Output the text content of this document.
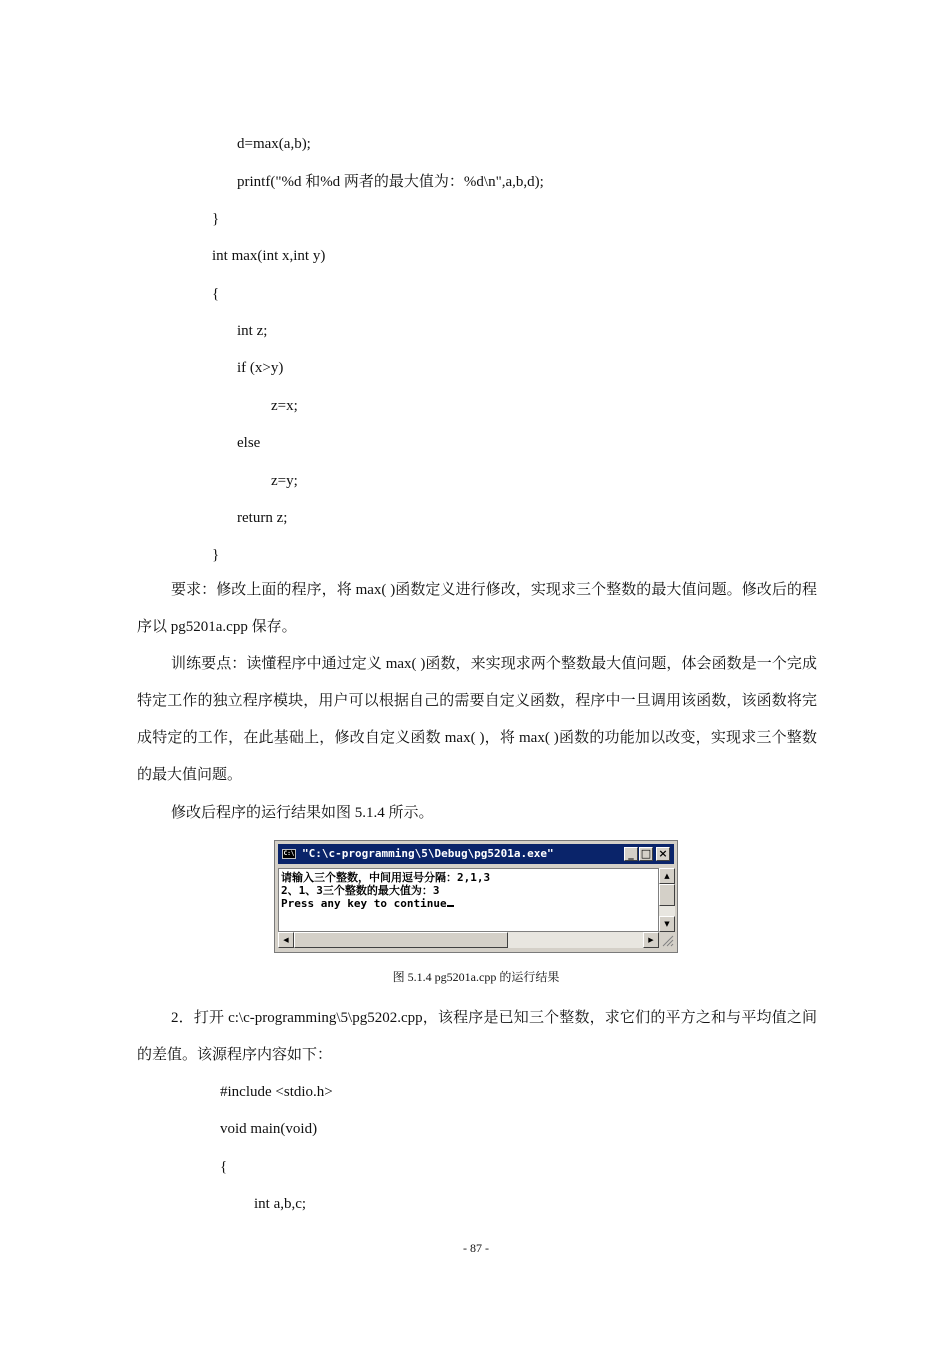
d=max(a,b);
printf("%d 和%d 两者的最大值为：%d\n",a,b,d);
}
int max(int x,int y)
{
int z;
if (x>y)
z=x;
else
z=y;
return z;
}

要求：修改上面的程序，将 max( )函数定义进行修改，实现求三个整数的最大值问题。修改后的程序以 pg5201a.cpp 保存。

训练要点：读懂程序中通过定义 max( )函数，来实现求两个整数最大值问题，体会函数是一个完成特定工作的独立程序模块，用户可以根据自己的需要自定义函数，程序中一旦调用该函数，该函数将完成特定的工作，在此基础上，修改自定义函数 max( )，将 max( )函数的功能加以改变，实现求三个整数的最大值问题。

修改后程序的运行结果如图 5.1.4 所示。

C:\ "C:\c-programming\5\Debug\pg5201a.exe"	_ □ ×
请输入三个整数，中间用逗号分隔：2,1,3
2、1、3三个整数的最大值为：3
Press any key to continue
▲
▼
◀	▶
图 5.1.4 pg5201a.cpp 的运行结果

2．打开 c:\c-programming\5\pg5202.cpp，该程序是已知三个整数，求它们的平方之和与平均值之间的差值。该源程序内容如下：

#include <stdio.h>
void main(void)
{
int a,b,c;
- 87 -
